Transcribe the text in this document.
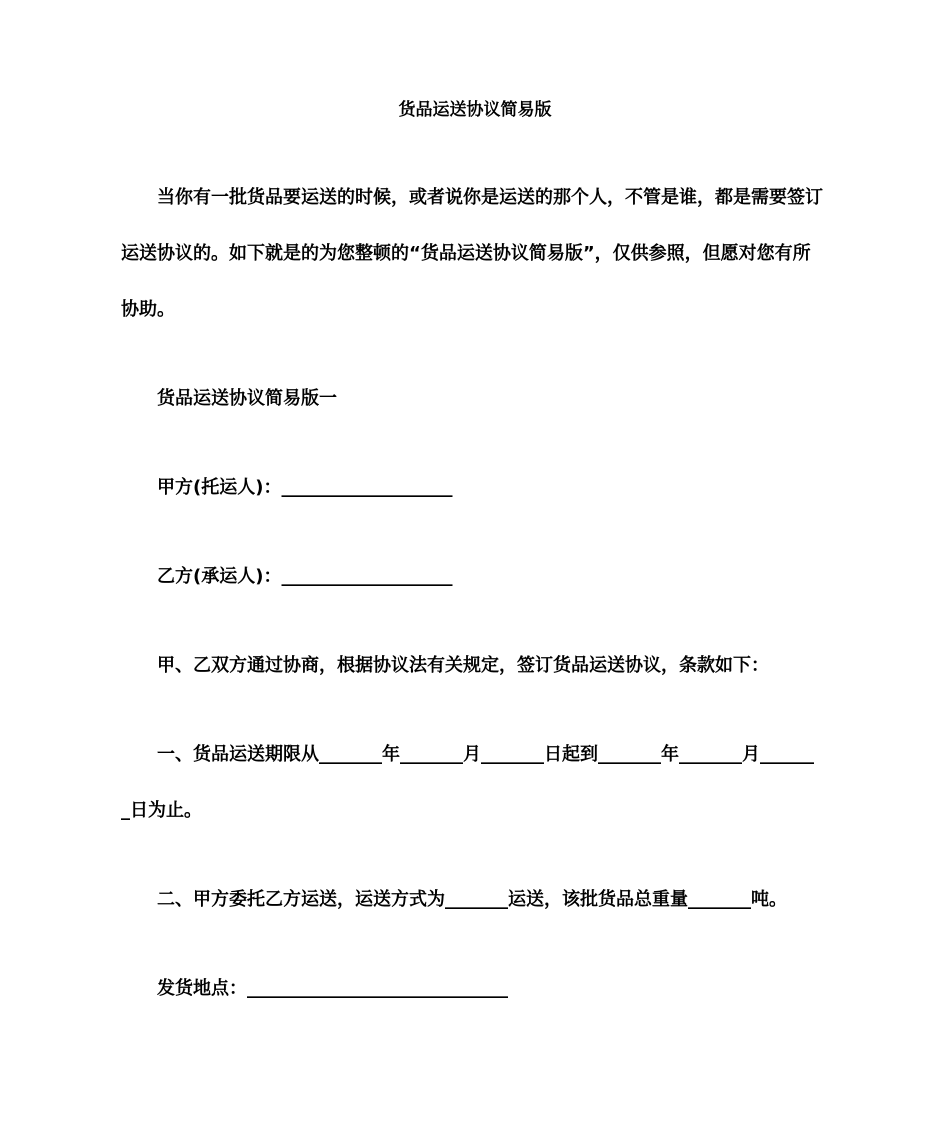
货品运送协议简易版
当你有一批货品要运送的时候，或者说你是运送的那个人，不管是谁，都是需要签订
运送协议的。如下就是的为您整顿的“货品运送协议简易版”，仅供参照，但愿对您有所
协助。
货品运送协议简易版一
甲方(托运人)：___________________
乙方(承运人)：___________________
甲、乙双方通过协商，根据协议法有关规定，签订货品运送协议，条款如下：
一、货品运送期限从_______年_______月_______日起到_______年_______月______
_日为止。
二、甲方委托乙方运送，运送方式为_______运送，该批货品总重量_______吨。
发货地点：_____________________________
